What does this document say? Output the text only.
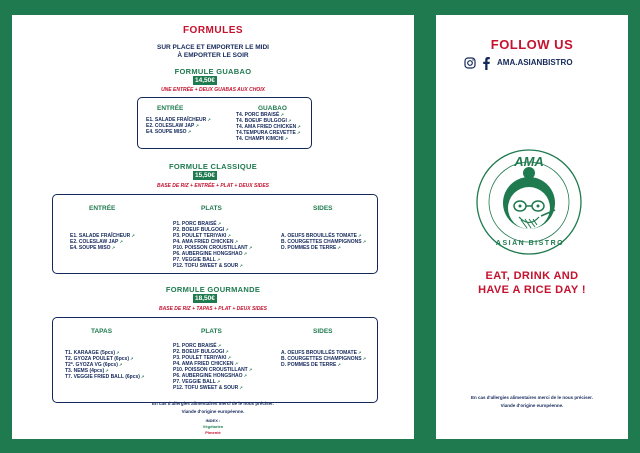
FORMULES
SUR PLACE ET EMPORTER LE MIDI
À EMPORTER LE SOIR
FORMULE GUABAO
14,50€
UNE ENTRÉE + DEUX GUABAS AUX CHOIX
ENTRÉE
E1. SALADE FRAÎCHEUR ↗
E2. COLESLAW JAP ↗
E4. SOUPE MISO ↗
GUABAO
T4. PORC BRAISÉ ↗
T4. BOEUF BULGOGI ↗
T4. AMA FRIED CHICKEN ↗
T4.TEMPURA CREVETTE ↗
T4. CHAMPI KIMCHI ↗
FORMULE CLASSIQUE
15,50€
BASE DE RIZ + ENTRÉE + PLAT + DEUX SIDES
ENTRÉE
E1. SALADE FRAÎCHEUR ↗
E2. COLESLAW JAP ↗
E4. SOUPE MISO ↗
PLATS
P1. PORC BRAISÉ ↗
P2. BOEUF BULGOGI ↗
P3. POULET TERIYAKI ↗
P4. AMA FRIED CHICKEN ↗
P10. POISSON CROUSTILLANT ↗
P6. AUBERGINE HONGSHAO ↗
P7. VEGGIE BALL ↗
P12. TOFU SWEET & SOUR ↗
SIDES
A. OEUFS BROUILLÉS TOMATE ↗
B. COURGETTES CHAMPIGNONS ↗
D. POMMES DE TERRE ↗
FORMULE GOURMANDE
18,50€
BASE DE RIZ + TAPAS + PLAT + DEUX SIDES
TAPAS
T1. KARAAGE (5pcs) ↗
T2. GYOZA POULET (6pcs) ↗
T2*. GYOZA VG (6pcs) ↗
T3. NEMS (4pcs) ↗
T7. VEGGIE FRIED BALL (6pcs) ↗
PLATS
P1. PORC BRAISÉ ↗
P2. BOEUF BULGOGI ↗
P3. POULET TERIYAKI ↗
P4. AMA FRIED CHICKEN ↗
P10. POISSON CROUSTILLANT ↗
P6. AUBERGINE HONGSHAO ↗
P7. VEGGIE BALL ↗
P12. TOFU SWEET & SOUR ↗
SIDES
A. OEUFS BROUILLÉS TOMATE ↗
B. COURGETTES CHAMPIGNONS ↗
D. POMMES DE TERRE ↗
En cas d'allergies alimentaires merci de le nous préciser.
Viande d'origine européenne.
INDEX :
Végétarien
Pimenté
FOLLOW US
AMA.ASIANBISTRO
AMA
ASIAN BISTRO
EAT, DRINK AND
HAVE A RICE DAY !
En cas d'allergies alimentaires merci de le nous préciser.
Viande d'origine européenne.
